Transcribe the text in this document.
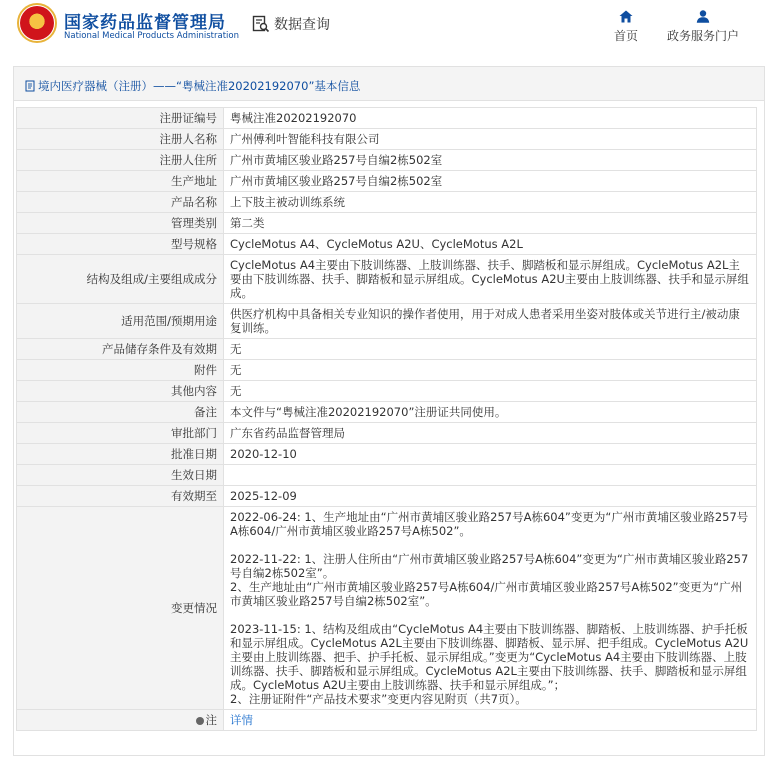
国家药品监督管理局
National Medical Products Administration
数据查询
首页 政务服务门户
境内医疗器械（注册）——“粤械注准20202192070”基本信息
注册证编号	粤械注准20202192070
注册人名称	广州傅利叶智能科技有限公司
注册人住所	广州市黄埔区骏业路257号自编2栋502室
生产地址	广州市黄埔区骏业路257号自编2栋502室
产品名称	上下肢主被动训练系统
管理类别	第二类
型号规格	CycleMotus A4、CycleMotus A2U、CycleMotus A2L
结构及组成/主要组成成分	CycleMotus A4主要由下肢训练器、上肢训练器、扶手、脚踏板和显示屏组成。CycleMotus A2L主要由下肢训练器、扶手、脚踏板和显示屏组成。CycleMotus A2U主要由上肢训练器、扶手和显示屏组成。
适用范围/预期用途	供医疗机构中具备相关专业知识的操作者使用，用于对成人患者采用坐姿对肢体或关节进行主/被动康复训练。
产品储存条件及有效期	无
附件	无
其他内容	无
备注	本文件与“粤械注准20202192070”注册证共同使用。
审批部门	广东省药品监督管理局
批准日期	2020-12-10
生效日期	
有效期至	2025-12-09
变更情况	2022-06-24: 1、生产地址由“广州市黄埔区骏业路257号A栋604”变更为“广州市黄埔区骏业路257号A栋604/广州市黄埔区骏业路257号A栋502”。

2022-11-22: 1、注册人住所由“广州市黄埔区骏业路257号A栋604”变更为“广州市黄埔区骏业路257号自编2栋502室”。
2、生产地址由“广州市黄埔区骏业路257号A栋604/广州市黄埔区骏业路257号A栋502”变更为“广州市黄埔区骏业路257号自编2栋502室”。

2023-11-15: 1、结构及组成由“CycleMotus A4主要由下肢训练器、脚踏板、上肢训练器、护手托板和显示屏组成。CycleMotus A2L主要由下肢训练器、脚踏板、显示屏、把手组成。CycleMotus A2U主要由上肢训练器、把手、护手托板、显示屏组成。”变更为“CycleMotus A4主要由下肢训练器、上肢训练器、扶手、脚踏板和显示屏组成。CycleMotus A2L主要由下肢训练器、扶手、脚踏板和显示屏组成。CycleMotus A2U主要由上肢训练器、扶手和显示屏组成。”；
2、注册证附件“产品技术要求”变更内容见附页（共7页）。

注	详情
